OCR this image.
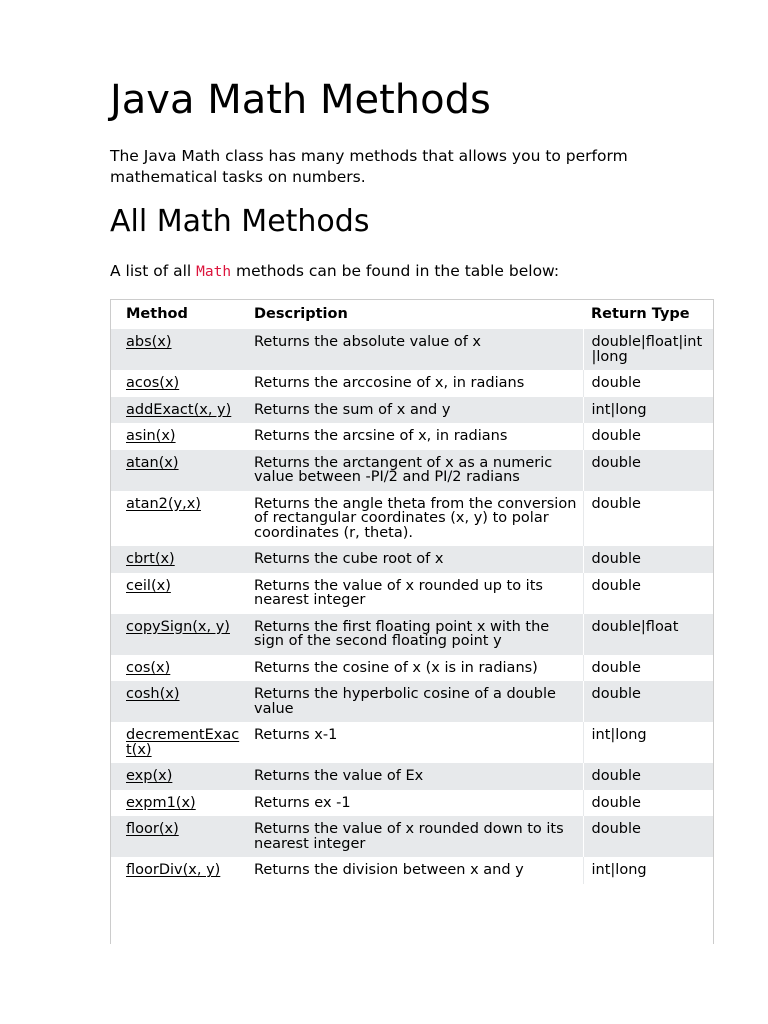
Java Math Methods

The Java Math class has many methods that allows you to perform mathematical tasks on numbers.

All Math Methods

A list of all Math methods can be found in the table below:

Method	Description	Return Type
abs(x)	Returns the absolute value of x	double|float|int|long
acos(x)	Returns the arccosine of x, in radians	double
addExact(x, y)	Returns the sum of x and y	int|long
asin(x)	Returns the arcsine of x, in radians	double
atan(x)	Returns the arctangent of x as a numeric value between -PI/2 and PI/2 radians	double
atan2(y,x)	Returns the angle theta from the conversion of rectangular coordinates (x, y) to polar coordinates (r, theta).	double
cbrt(x)	Returns the cube root of x	double
ceil(x)	Returns the value of x rounded up to its nearest integer	double
copySign(x, y)	Returns the first floating point x with the sign of the second floating point y	double|float
cos(x)	Returns the cosine of x (x is in radians)	double
cosh(x)	Returns the hyperbolic cosine of a double value	double
decrementExact(x)	Returns x-1	int|long
exp(x)	Returns the value of Ex	double
expm1(x)	Returns ex -1	double
floor(x)	Returns the value of x rounded down to its nearest integer	double
floorDiv(x, y)	Returns the division between x and y	int|long
